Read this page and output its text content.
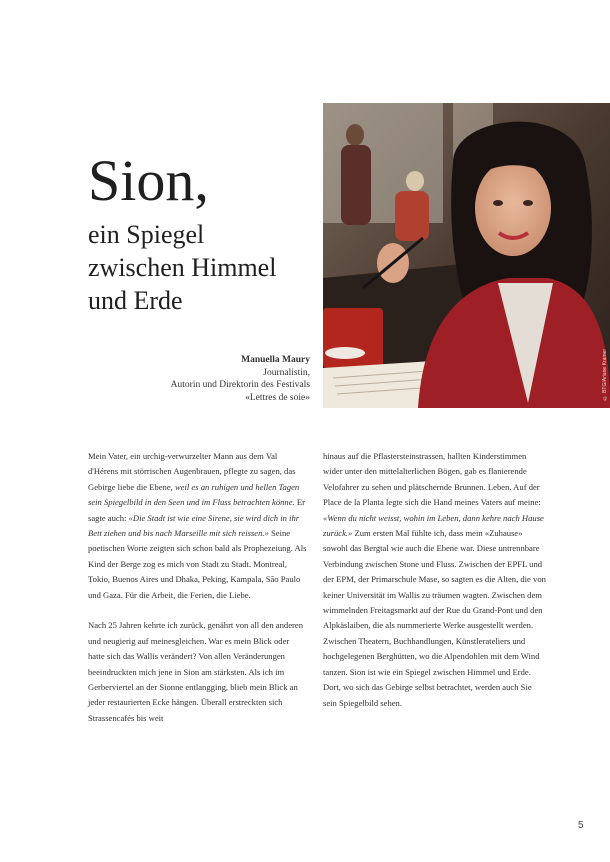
Sion,
ein Spiegel
zwischen Himmel
und Erde
Manuella Maury
Journalistin,
Autorin und Direktorin des Festivals
«Lettres de soie»	© BTG/Ariane Kramer

Mein Vater, ein urchig-verwurzelter Mann aus dem Val d'Hérens mit störrischen Augenbrauen, pflegte zu sagen, das Gebirge liebe die Ebene, weil es an ruhigen und hellen Tagen sein Spiegelbild in den Seen und im Fluss betrachten könne. Er sagte auch: «Die Stadt ist wie eine Sirene, sie wird dich in ihr Bett ziehen und bis nach Marseille mit sich reissen.» Seine poetischen Worte zeigten sich schon bald als Prophezeiung. Als Kind der Berge zog es mich von Stadt zu Stadt. Montreal, Tokio, Buenos Aires und Dhaka, Peking, Kampala, São Paulo und Gaza. Für die Arbeit, die Ferien, die Liebe.

Nach 25 Jahren kehrte ich zurück, genährt von all den anderen und neugierig auf meinesgleichen. War es mein Blick oder hatte sich das Wallis verändert? Von allen Veränderungen beeindruckten mich jene in Sion am stärksten. Als ich im Gerberviertel an der Sionne entlangging, blieb mein Blick an jeder restaurierten Ecke hängen. Überall erstreckten sich Strassencafés bis weit

hinaus auf die Pflastersteinstrassen, hallten Kinderstimmen wider unter den mittelalterlichen Bögen, gab es flanierende Velofahrer zu sehen und plätschernde Brunnen. Leben. Auf der Place de la Planta legte sich die Hand meines Vaters auf meine: «Wenn du nicht weisst, wohin im Leben, dann kehre nach Hause zurück.» Zum ersten Mal fühlte ich, dass mein «Zuhause» sowohl das Bergtal wie auch die Ebene war. Diese untrennbare Verbindung zwischen Stone und Fluss. Zwischen der EPFL und der EPM, der Primarschule Mase, so sagten es die Alten, die von keiner Universität im Wallis zu träumen wagten. Zwischen dem wimmelnden Freitagsmarkt auf der Rue du Grand-Pont und den Alpkäslaiben, die als nummerierte Werke ausgestellt werden. Zwischen Theatern, Buchhandlungen, Künstlerateliers und hochgelegenen Berghütten, wo die Alpendohlen mit dem Wind tanzen. Sion ist wie ein Spiegel zwischen Himmel und Erde. Dort, wo sich das Gebirge selbst betrachtet, werden auch Sie sein Spiegelbild sehen.

5
